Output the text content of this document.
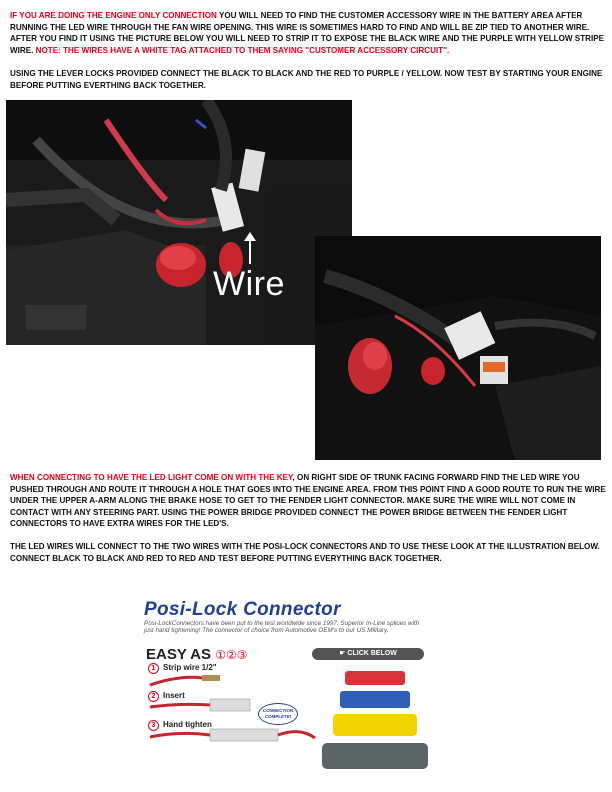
IF YOU ARE DOING THE ENGINE ONLY CONNECTION YOU WILL NEED TO FIND THE CUSTOMER ACCESSORY WIRE IN THE BATTERY AREA AFTER RUNNING THE LED WIRE THROUGH THE FAN WIRE OPENING. THIS WIRE IS SOMETIMES HARD TO FIND AND WILL BE ZIP TIED TO ANOTHER WIRE. AFTER YOU FIND IT USING THE PICTURE BELOW YOU WILL NEED TO STRIP IT TO EXPOSE THE BLACK WIRE AND THE PURPLE WITH YELLOW STRIPE WIRE. NOTE: THE WIRES HAVE A WHITE TAG ATTACHED TO THEM SAYING "CUSTOMER ACCESSORY CIRCUIT".
USING THE LEVER LOCKS PROVIDED CONNECT THE BLACK TO BLACK AND THE RED TO PURPLE / YELLOW. NOW TEST BY STARTING YOUR ENGINE BEFORE PUTTING EVERTHING BACK TOGETHER.
Wire
WHEN CONNECTING TO HAVE THE LED LIGHT COME ON WITH THE KEY, ON RIGHT SIDE OF TRUNK FACING FORWARD FIND THE LED WIRE YOU PUSHED THROUGH AND ROUTE IT THROUGH A HOLE THAT GOES INTO THE ENGINE AREA. FROM THIS POINT FIND A GOOD ROUTE TO RUN THE WIRE UNDER THE UPPER A-ARM ALONG THE BRAKE HOSE TO GET TO THE FENDER LIGHT CONNECTOR. MAKE SURE THE WIRE WILL NOT COME IN CONTACT WITH ANY STEERING PART. USING THE POWER BRIDGE PROVIDED CONNECT THE POWER BRIDGE BETWEEN THE FENDER LIGHT CONNECTORS TO HAVE EXTRA WIRES FOR THE LED'S.
THE LED WIRES WILL CONNECT TO THE TWO WIRES WITH THE POSI-LOCK CONNECTORS AND TO USE THESE LOOK AT THE ILLUSTRATION BELOW. CONNECT BLACK TO BLACK AND RED TO RED AND TEST BEFORE PUTTING EVERYTHING BACK TOGETHER.
Posi-Lock Connector
Posi-LockConnectors have been put to the test worldwide since 1997. Superior In-Line splices with just hand tightening! The connector of choice from Automotive OEM's to our US Military.
EASY AS ①②③	☛ CLICK BELOW
1 Strip wire 1/2"
2 Insert
3 Hand tighten
CONNECTION COMPLETE!
